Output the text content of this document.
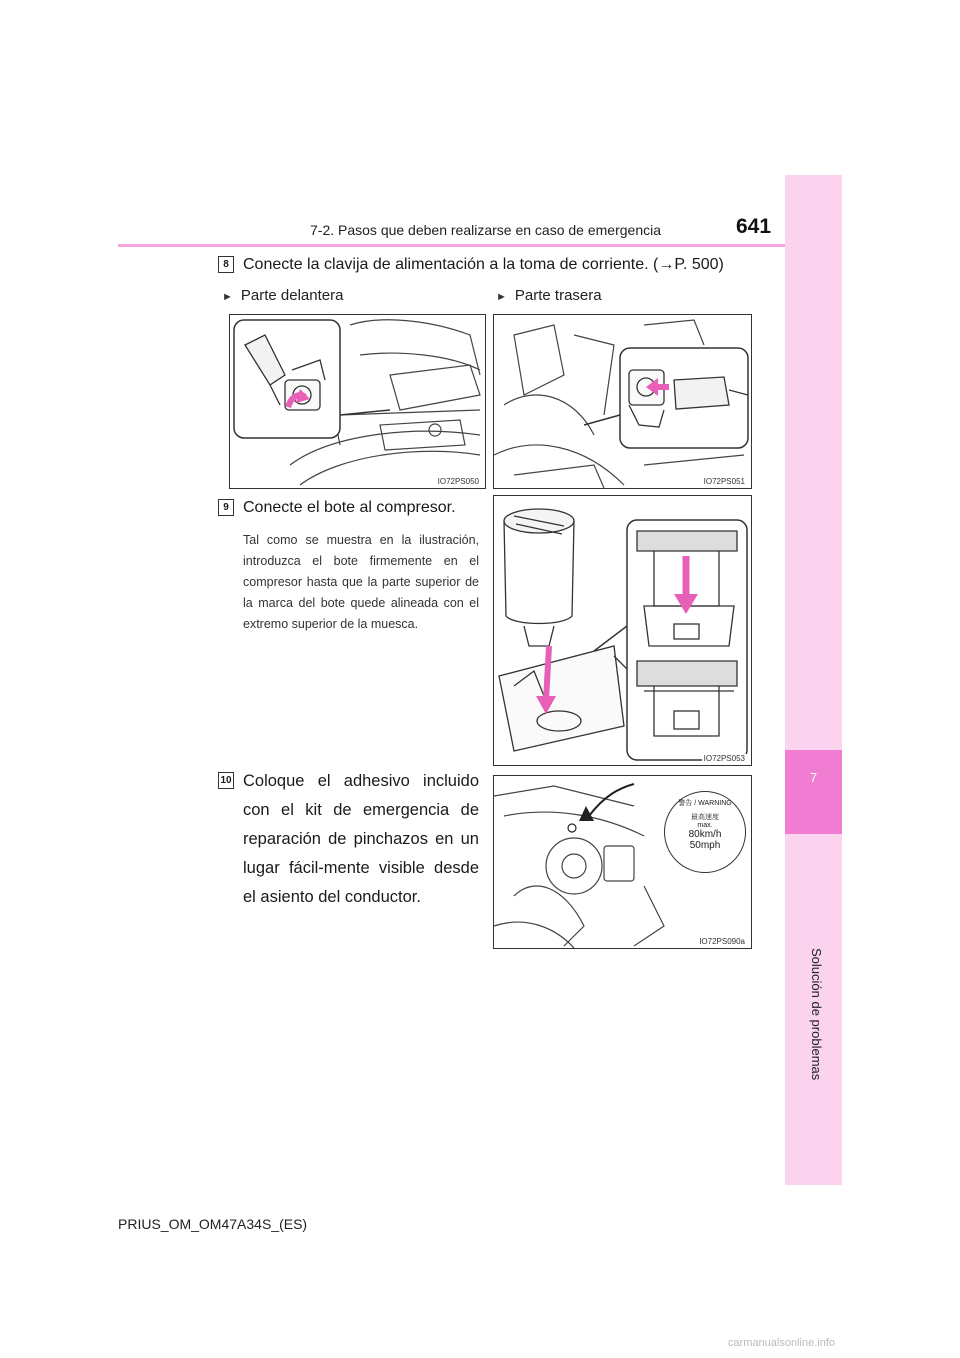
7-2. Pasos que deben realizarse en caso de emergencia	641
7
Solución de problemas
8 Conecte la clavija de alimentación a la toma de corriente. (→P. 500)
► Parte delantera	► Parte trasera
IO72PS050	IO72PS051
9 Conecte el bote al compresor.
Tal como se muestra en la ilustración, introduzca el bote firmemente en el compresor hasta que la parte superior de la marca del bote quede alineada con el extremo superior de la muesca.
IO72PS053
10 Coloque el adhesivo incluido con el kit de emergencia de reparación de pinchazos en un lugar fácil-mente visible desde el asiento del conductor.
警告 / WARNING
最高速度
max.
80km/h
50mph
IO72PS090a
PRIUS_OM_OM47A34S_(ES)
carmanualsonline.info
